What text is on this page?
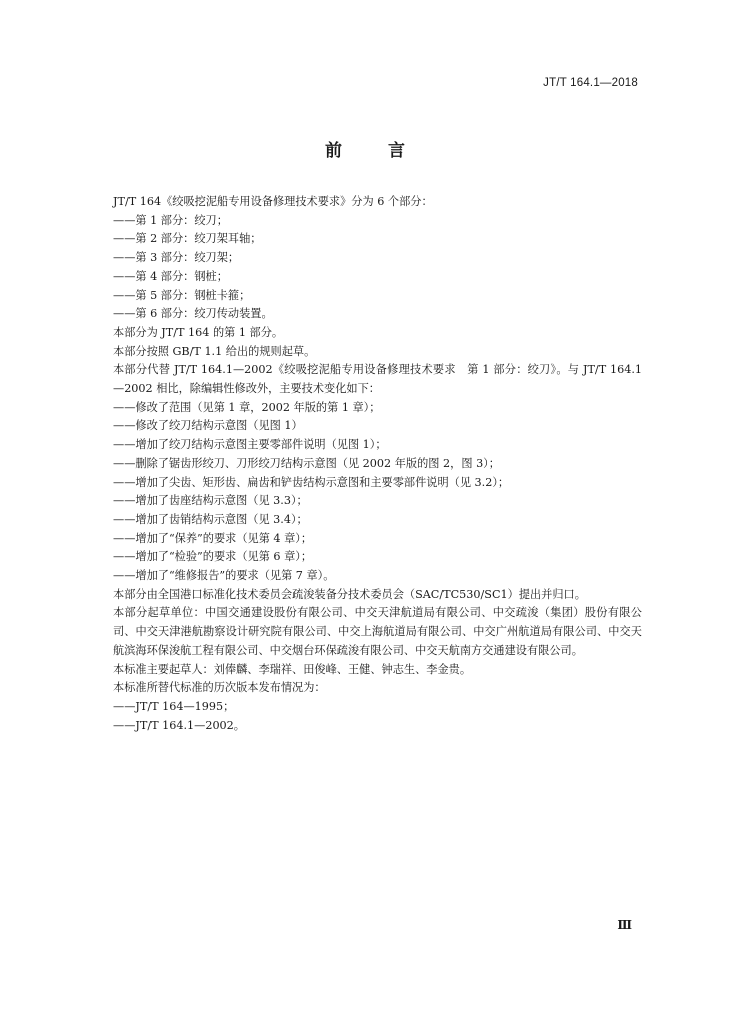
JT/T 164.1—2018
前 言

JT/T 164《绞吸挖泥船专用设备修理技术要求》分为 6 个部分：

——第 1 部分：绞刀；

——第 2 部分：绞刀架耳轴；

——第 3 部分：绞刀架；

——第 4 部分：钢桩；

——第 5 部分：钢桩卡箍；

——第 6 部分：绞刀传动装置。

本部分为 JT/T 164 的第 1 部分。

本部分按照 GB/T 1.1 给出的规则起草。

本部分代替 JT/T 164.1—2002《绞吸挖泥船专用设备修理技术要求　第 1 部分：绞刀》。与 JT/T 164.1—2002 相比，除编辑性修改外，主要技术变化如下：

——修改了范围（见第 1 章，2002 年版的第 1 章）；

——修改了绞刀结构示意图（见图 1）

——增加了绞刀结构示意图主要零部件说明（见图 1）；

——删除了锯齿形绞刀、刀形绞刀结构示意图（见 2002 年版的图 2，图 3）；

——增加了尖齿、矩形齿、扁齿和铲齿结构示意图和主要零部件说明（见 3.2）；

——增加了齿座结构示意图（见 3.3）；

——增加了齿销结构示意图（见 3.4）；

——增加了“保养”的要求（见第 4 章）；

——增加了“检验”的要求（见第 6 章）；

——增加了“维修报告”的要求（见第 7 章）。

本部分由全国港口标准化技术委员会疏浚装备分技术委员会（SAC/TC530/SC1）提出并归口。

本部分起草单位：中国交通建设股份有限公司、中交天津航道局有限公司、中交疏浚（集团）股份有限公司、中交天津港航勘察设计研究院有限公司、中交上海航道局有限公司、中交广州航道局有限公司、中交天航滨海环保浚航工程有限公司、中交烟台环保疏浚有限公司、中交天航南方交通建设有限公司。

本标准主要起草人：刘俸麟、李瑞祥、田俊峰、王健、钟志生、李金贵。

本标准所替代标准的历次版本发布情况为：

——JT/T 164—1995；

——JT/T 164.1—2002。

Ⅲ
